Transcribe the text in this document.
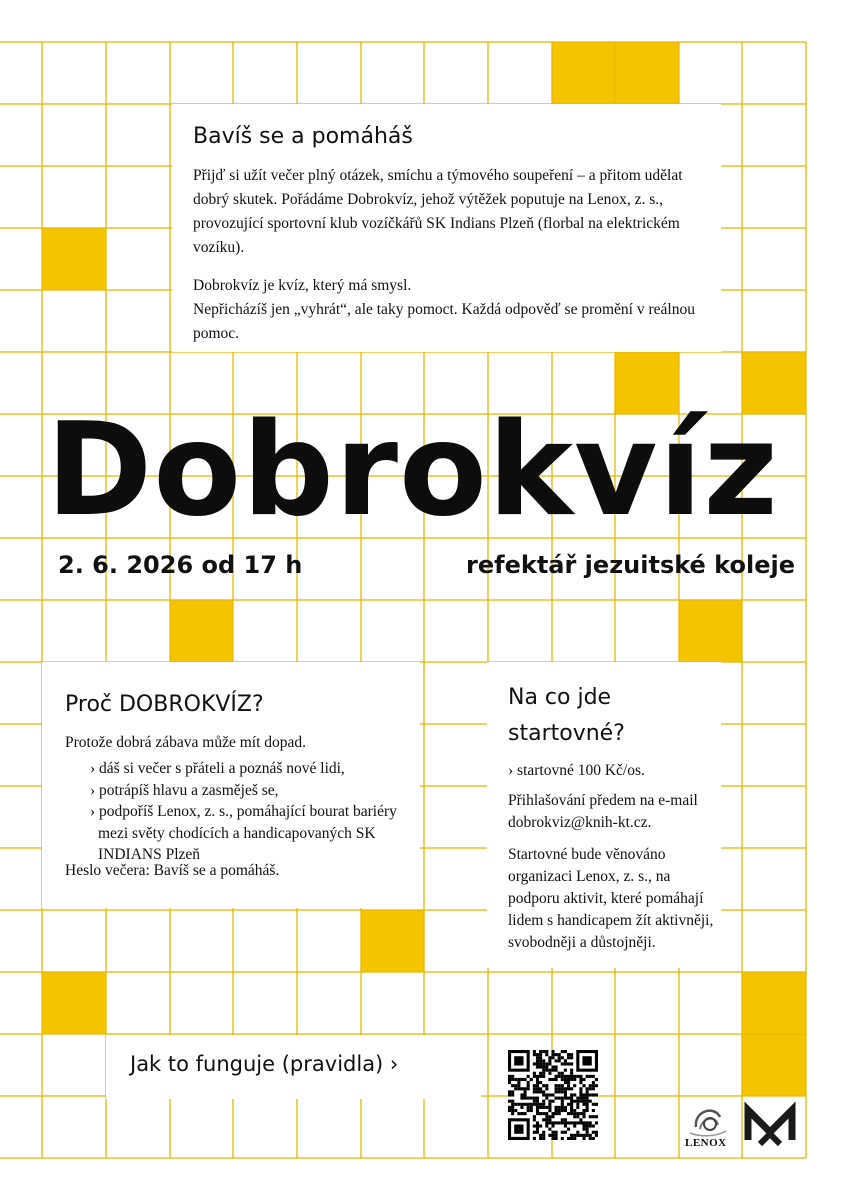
Bavíš se a pomáháš
Přijď si užít večer plný otázek, smíchu a týmového soupeření – a přitom udělat dobrý skutek. Pořádáme Dobrokvíz, jehož výtěžek poputuje na Lenox, z. s., provozující sportovní klub vozíčkářů SK Indians Plzeň (florbal na elektrickém vozíku).
Dobrokvíz je kvíz, který má smysl.
Nepřicházíš jen „vyhrát“, ale taky pomoct. Každá odpověď se promění v reálnou pomoc.
Dobrokvíz
2. 6. 2026 od 17 h	refektář jezuitské koleje
Proč DOBROKVÍZ?
Protože dobrá zábava může mít dopad.
› dáš si večer s přáteli a poznáš nové lidi,
› potrápíš hlavu a zasměješ se,
› podpoříš Lenox, z. s., pomáhající bourat bariéry mezi světy chodících a handicapovaných SK INDIANS Plzeň
Heslo večera: Bavíš se a pomáháš.
Na co jde startovné?
› startovné 100 Kč/os.
Přihlašování předem na e-mail dobrokviz@knih-kt.cz.
Startovné bude věnováno organizaci Lenox, z. s., na podporu aktivit, které pomáhají lidem s handicapem žít aktivněji, svobodněji a důstojněji.
Jak to funguje (pravidla) ›
LENOX
